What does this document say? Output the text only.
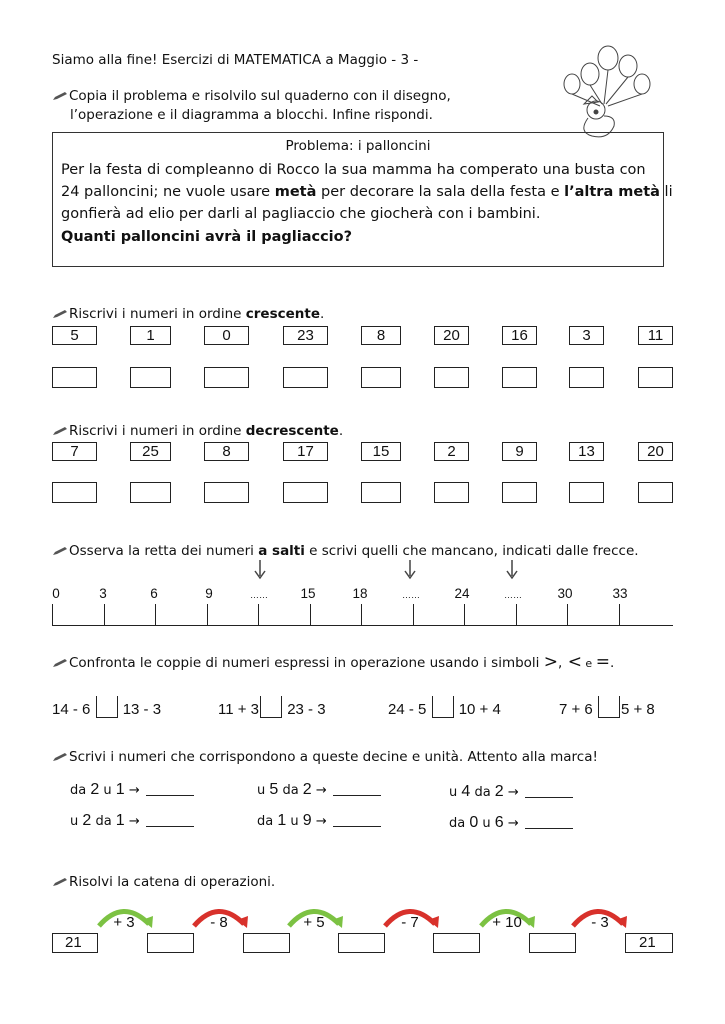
Siamo alla fine! Esercizi di MATEMATICA a Maggio - 3 -
Copia il problema e risolvilo sul quaderno con il disegno,
l’operazione e il diagramma a blocchi. Infine rispondi.
Problema: i palloncini
Per la festa di compleanno di Rocco la sua mamma ha comperato una busta con
24 palloncini; ne vuole usare metà per decorare la sala della festa e l’altra metà li
gonfierà ad elio per darli al pagliaccio che giocherà con i bambini.
Quanti palloncini avrà il pagliaccio?
Riscrivi i numeri in ordine crescente.
5	1	0	23	8	20	16	3	11
Riscrivi i numeri in ordine decrescente.
7	25	8	17	15	2	9	13	20
Osserva la retta dei numeri a salti e scrivi quelli che mancano, indicati dalle frecce.
0	3	6	9	……	15	18	……	24	……	30	33
Confronta le coppie di numeri espressi in operazione usando i simboli >, < e =.
14 - 6 13 - 3	11 + 3 23 - 3	24 - 5 10 + 4	7 + 6 5 + 8
Scrivi i numeri che corrispondono a queste decine e unità. Attento alla marca!
da 2 u 1 →	u 5 da 2 →	u 4 da 2 →
u 2 da 1 →	da 1 u 9 →	da 0 u 6 →
Risolvi la catena di operazioni.
+ 3	- 8	+ 5	- 7	+ 10	- 3
21	21
